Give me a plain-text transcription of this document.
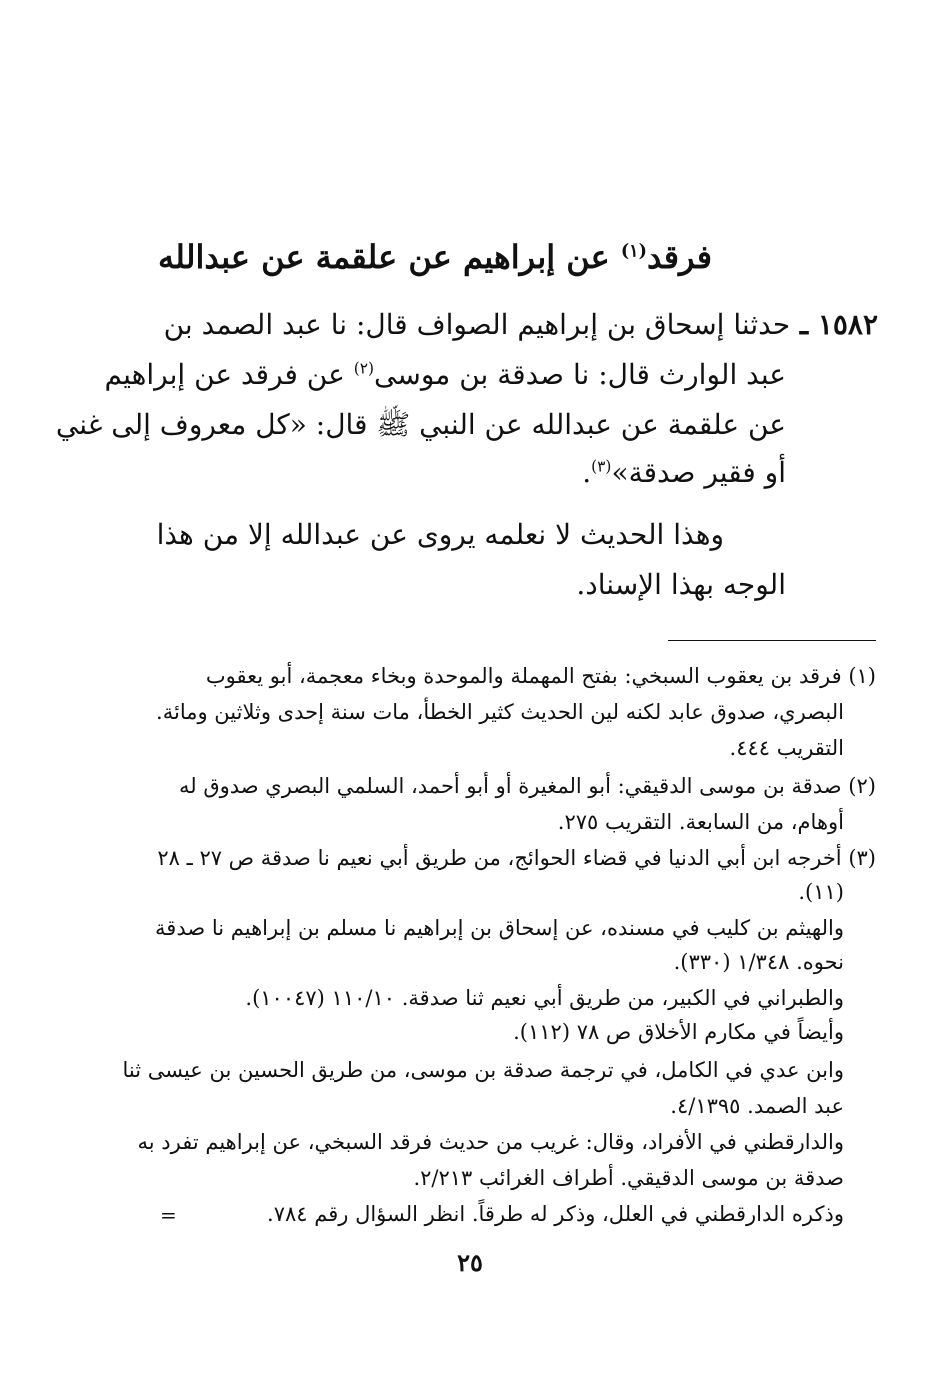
فرقد$^{(١)}$ عن إبراهيم عن علقمة عن عبدالله
١٥٨٢ ـ حدثنا إسحاق بن إبراهيم الصواف قال: نا عبد الصمد بن
عبد الوارث قال: نا صدقة بن موسى$^{(٢)}$ عن فرقد عن إبراهيم
عن علقمة عن عبدالله عن النبي ﷺ قال: «كل معروف إلى غني
أو فقير صدقة»$^{(٣)}$.
وهذا الحديث لا نعلمه يروى عن عبدالله إلا من هذا
الوجه بهذا الإسناد.
(١) فرقد بن يعقوب السبخي: بفتح المهملة والموحدة وبخاء معجمة، أبو يعقوب
البصري، صدوق عابد لكنه لين الحديث كثير الخطأ، مات سنة إحدى وثلاثين ومائة.
التقريب ٤٤٤.
(٢) صدقة بن موسى الدقيقي: أبو المغيرة أو أبو أحمد، السلمي البصري صدوق له
أوهام، من السابعة. التقريب ٢٧٥.
(٣) أخرجه ابن أبي الدنيا في قضاء الحوائج، من طريق أبي نعيم نا صدقة ص ٢٧ ـ ٢٨
(١١).
والهيثم بن كليب في مسنده، عن إسحاق بن إبراهيم نا مسلم بن إبراهيم نا صدقة
نحوه. ١/٣٤٨ (٣٣٠).
والطبراني في الكبير، من طريق أبي نعيم ثنا صدقة. ١١٠/١٠ (١٠٠٤٧).
وأيضاً في مكارم الأخلاق ص ٧٨ (١١٢).
وابن عدي في الكامل، في ترجمة صدقة بن موسى، من طريق الحسين بن عيسى ثنا
عبد الصمد. ٤/١٣٩٥.
والدارقطني في الأفراد، وقال: غريب من حديث فرقد السبخي، عن إبراهيم تفرد به
صدقة بن موسى الدقيقي. أطراف الغرائب ٢/٢١٣.
وذكره الدارقطني في العلل، وذكر له طرقاً. انظر السؤال رقم ٧٨٤.
=
٢٥
